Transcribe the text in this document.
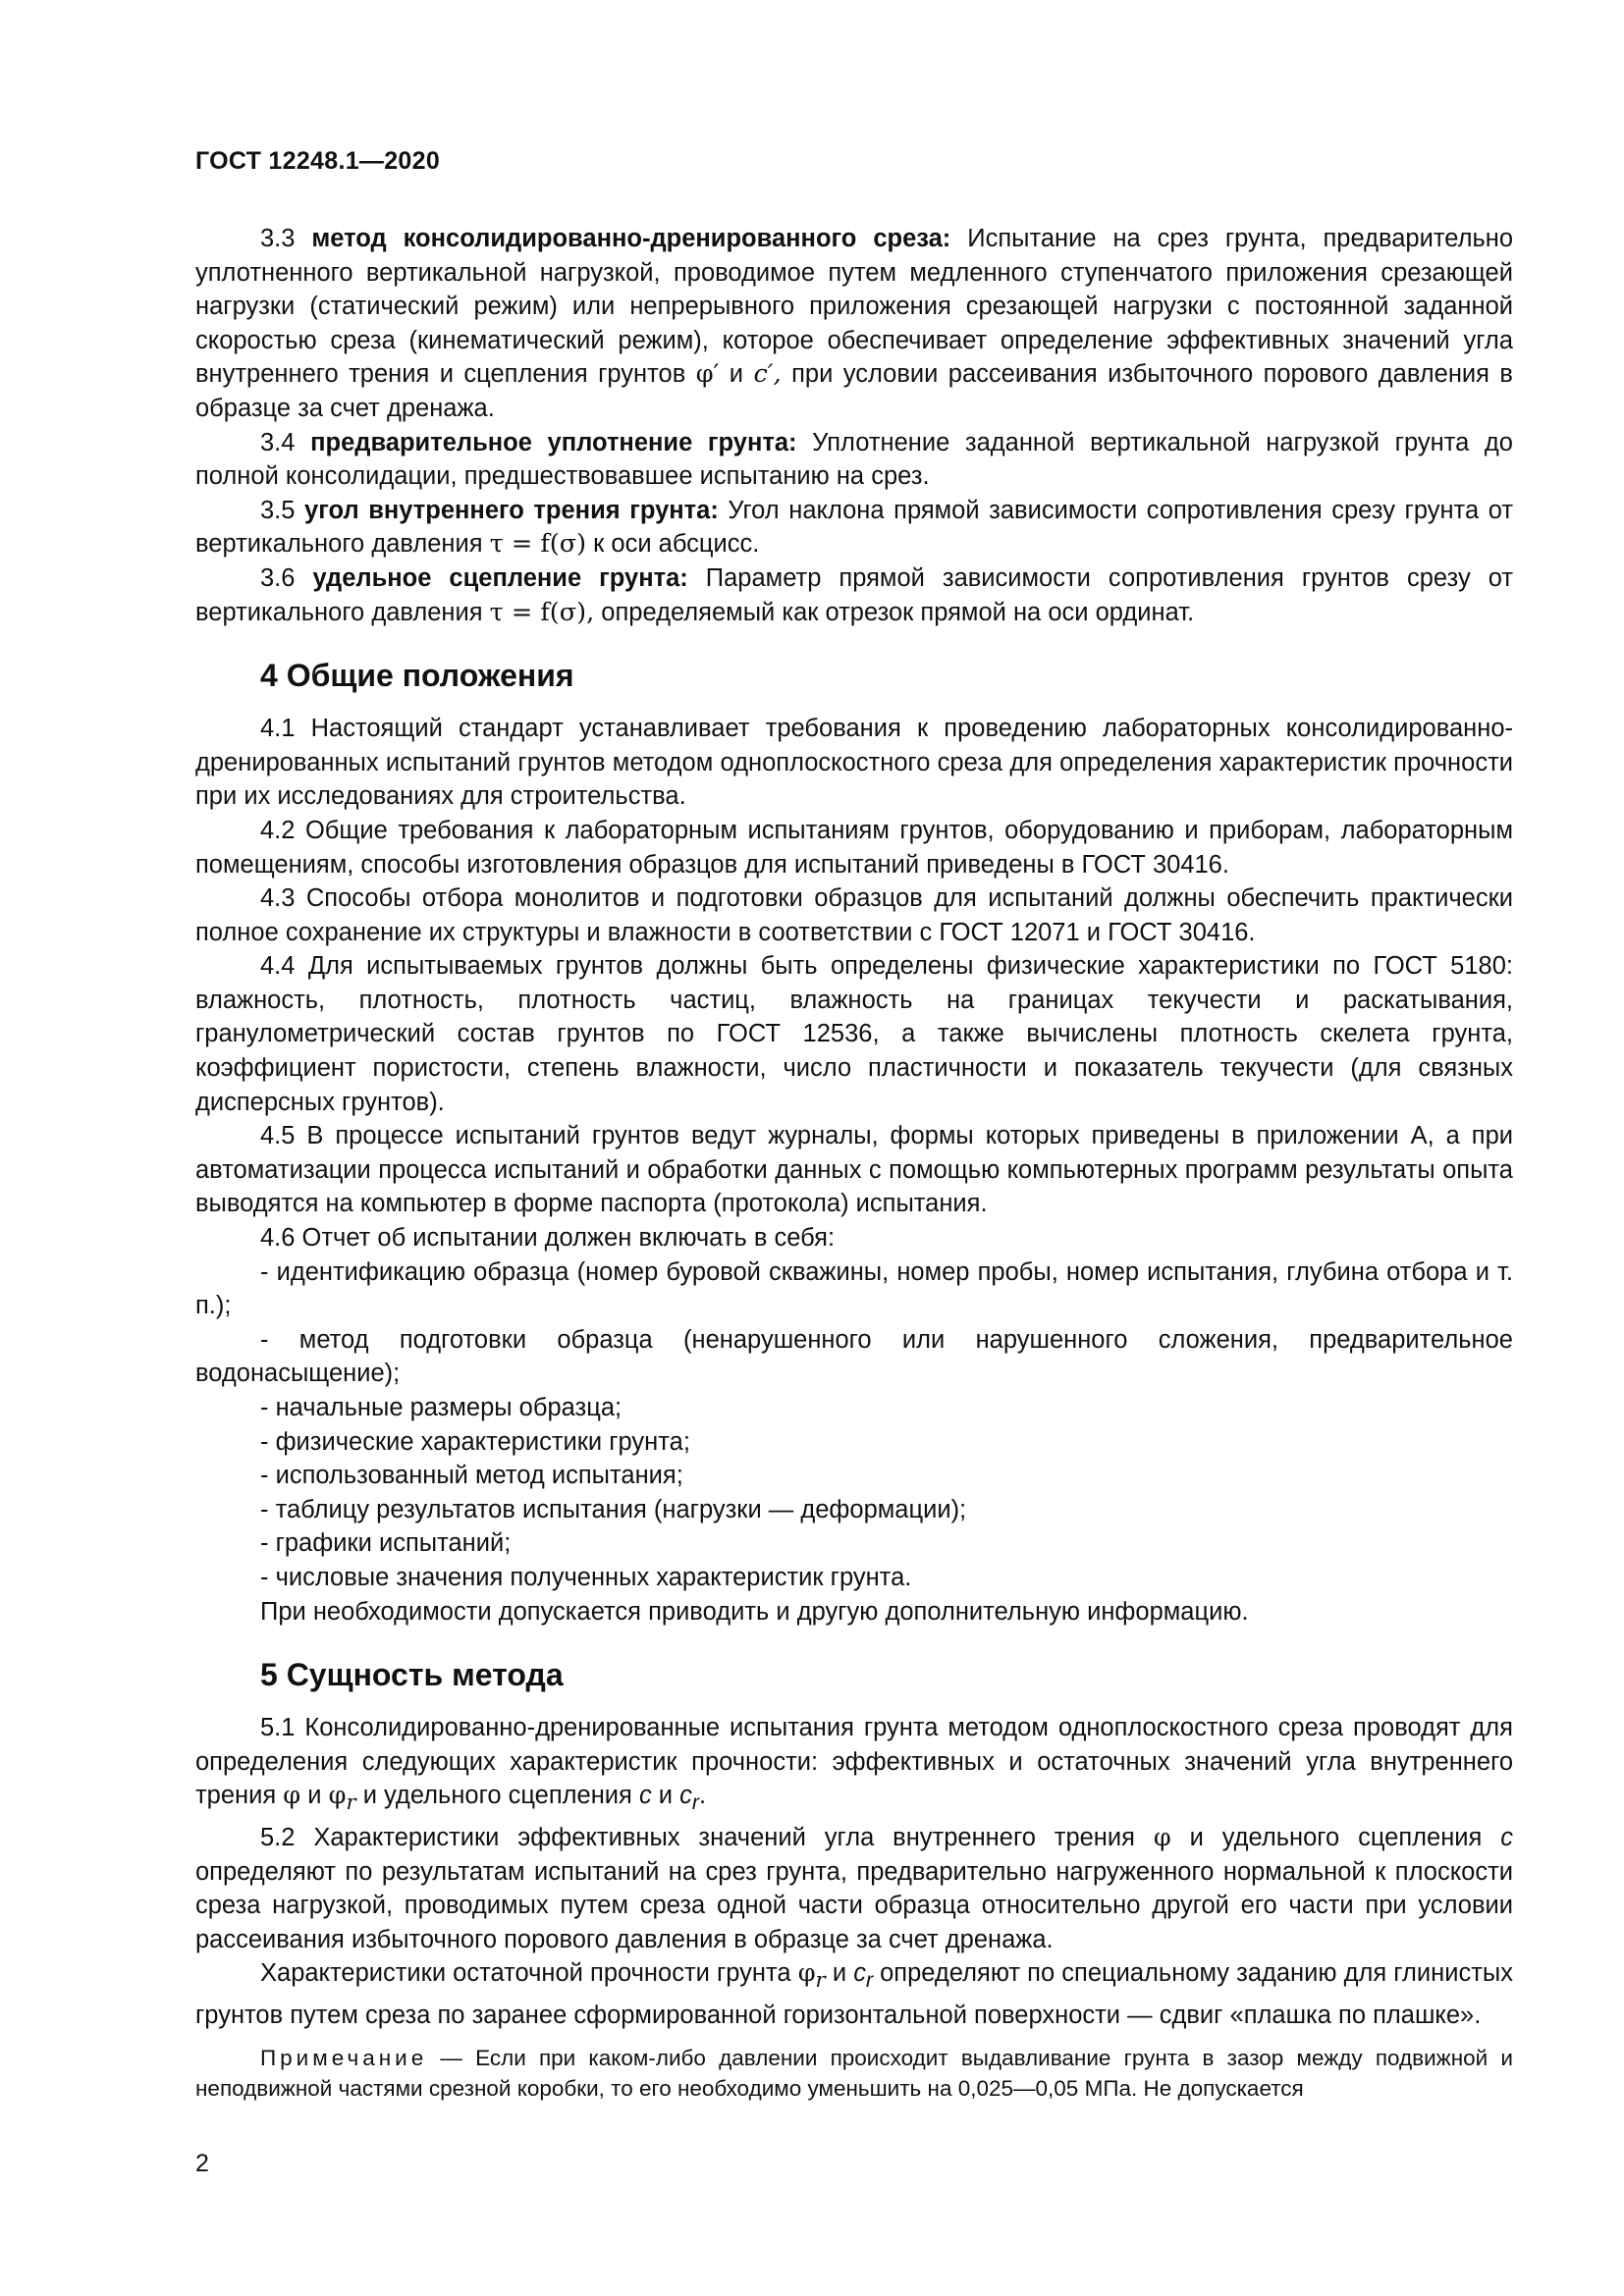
ГОСТ 12248.1—2020

3.3 метод консолидированно-дренированного среза: Испытание на срез грунта, предварительно уплотненного вертикальной нагрузкой, проводимое путем медленного ступенчатого приложения срезающей нагрузки (статический режим) или непрерывного приложения срезающей нагрузки с постоянной заданной скоростью среза (кинематический режим), которое обеспечивает определение эффективных значений угла внутреннего трения и сцепления грунтов φ′ и c′, при условии рассеивания избыточного порового давления в образце за счет дренажа.

3.4 предварительное уплотнение грунта: Уплотнение заданной вертикальной нагрузкой грунта до полной консолидации, предшествовавшее испытанию на срез.

3.5 угол внутреннего трения грунта: Угол наклона прямой зависимости сопротивления срезу грунта от вертикального давления τ = f(σ) к оси абсцисс.

3.6 удельное сцепление грунта: Параметр прямой зависимости сопротивления грунтов срезу от вертикального давления τ = f(σ), определяемый как отрезок прямой на оси ординат.

4 Общие положения

4.1 Настоящий стандарт устанавливает требования к проведению лабораторных консолидированно-дренированных испытаний грунтов методом одноплоскостного среза для определения характеристик прочности при их исследованиях для строительства.

4.2 Общие требования к лабораторным испытаниям грунтов, оборудованию и приборам, лабораторным помещениям, способы изготовления образцов для испытаний приведены в ГОСТ 30416.

4.3 Способы отбора монолитов и подготовки образцов для испытаний должны обеспечить практически полное сохранение их структуры и влажности в соответствии с ГОСТ 12071 и ГОСТ 30416.

4.4 Для испытываемых грунтов должны быть определены физические характеристики по ГОСТ 5180: влажность, плотность, плотность частиц, влажность на границах текучести и раскатывания, гранулометрический состав грунтов по ГОСТ 12536, а также вычислены плотность скелета грунта, коэффициент пористости, степень влажности, число пластичности и показатель текучести (для связных дисперсных грунтов).

4.5 В процессе испытаний грунтов ведут журналы, формы которых приведены в приложении А, а при автоматизации процесса испытаний и обработки данных с помощью компьютерных программ результаты опыта выводятся на компьютер в форме паспорта (протокола) испытания.

4.6 Отчет об испытании должен включать в себя:

- идентификацию образца (номер буровой скважины, номер пробы, номер испытания, глубина отбора и т. п.);

- метод подготовки образца (ненарушенного или нарушенного сложения, предварительное водонасыщение);

- начальные размеры образца;

- физические характеристики грунта;

- использованный метод испытания;

- таблицу результатов испытания (нагрузки — деформации);

- графики испытаний;

- числовые значения полученных характеристик грунта.

При необходимости допускается приводить и другую дополнительную информацию.

5 Сущность метода

5.1 Консолидированно-дренированные испытания грунта методом одноплоскостного среза проводят для определения следующих характеристик прочности: эффективных и остаточных значений угла внутреннего трения φ и $\varphi_r$ и удельного сцепления c и $c_r$.

5.2 Характеристики эффективных значений угла внутреннего трения φ и удельного сцепления c определяют по результатам испытаний на срез грунта, предварительно нагруженного нормальной к плоскости среза нагрузкой, проводимых путем среза одной части образца относительно другой его части при условии рассеивания избыточного порового давления в образце за счет дренажа.

Характеристики остаточной прочности грунта $\varphi_r$ и $c_r$ определяют по специальному заданию для глинистых грунтов путем среза по заранее сформированной горизонтальной поверхности — сдвиг «плашка по плашке».

Примечание — Если при каком-либо давлении происходит выдавливание грунта в зазор между подвижной и неподвижной частями срезной коробки, то его необходимо уменьшить на 0,025—0,05 МПа. Не допускается

2
